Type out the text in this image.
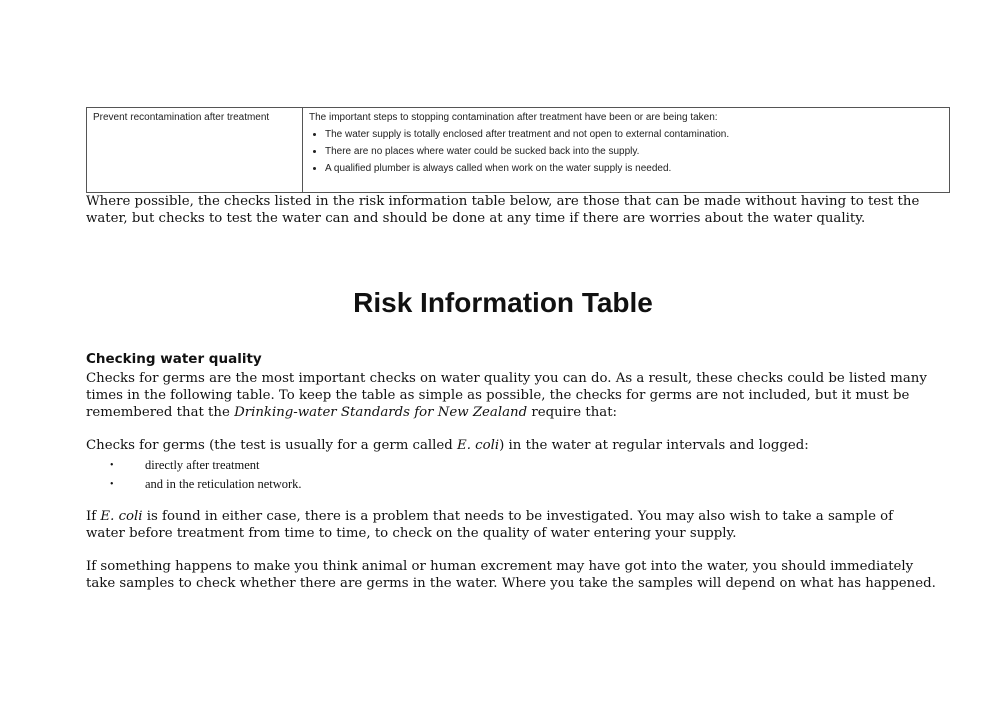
Prevent recontamination after treatment	The important steps to stopping contamination after treatment have been or are being taken:
• The water supply is totally enclosed after treatment and not open to external contamination.
• There are no places where water could be sucked back into the supply.
• A qualified plumber is always called when work on the water supply is needed.

Where possible, the checks listed in the risk information table below, are those that can be made without having to test the water, but checks to test the water can and should be done at any time if there are worries about the water quality.

Risk Information Table
Checking water quality

Checks for germs are the most important checks on water quality you can do. As a result, these checks could be listed many times in the following table. To keep the table as simple as possible, the checks for germs are not included, but it must be remembered that the Drinking-water Standards for New Zealand require that:

Checks for germs (the test is usually for a germ called E. coli) in the water at regular intervals and logged:

• directly after treatment
• and in the reticulation network.

If E. coli is found in either case, there is a problem that needs to be investigated. You may also wish to take a sample of water before treatment from time to time, to check on the quality of water entering your supply.

If something happens to make you think animal or human excrement may have got into the water, you should immediately take samples to check whether there are germs in the water. Where you take the samples will depend on what has happened.
